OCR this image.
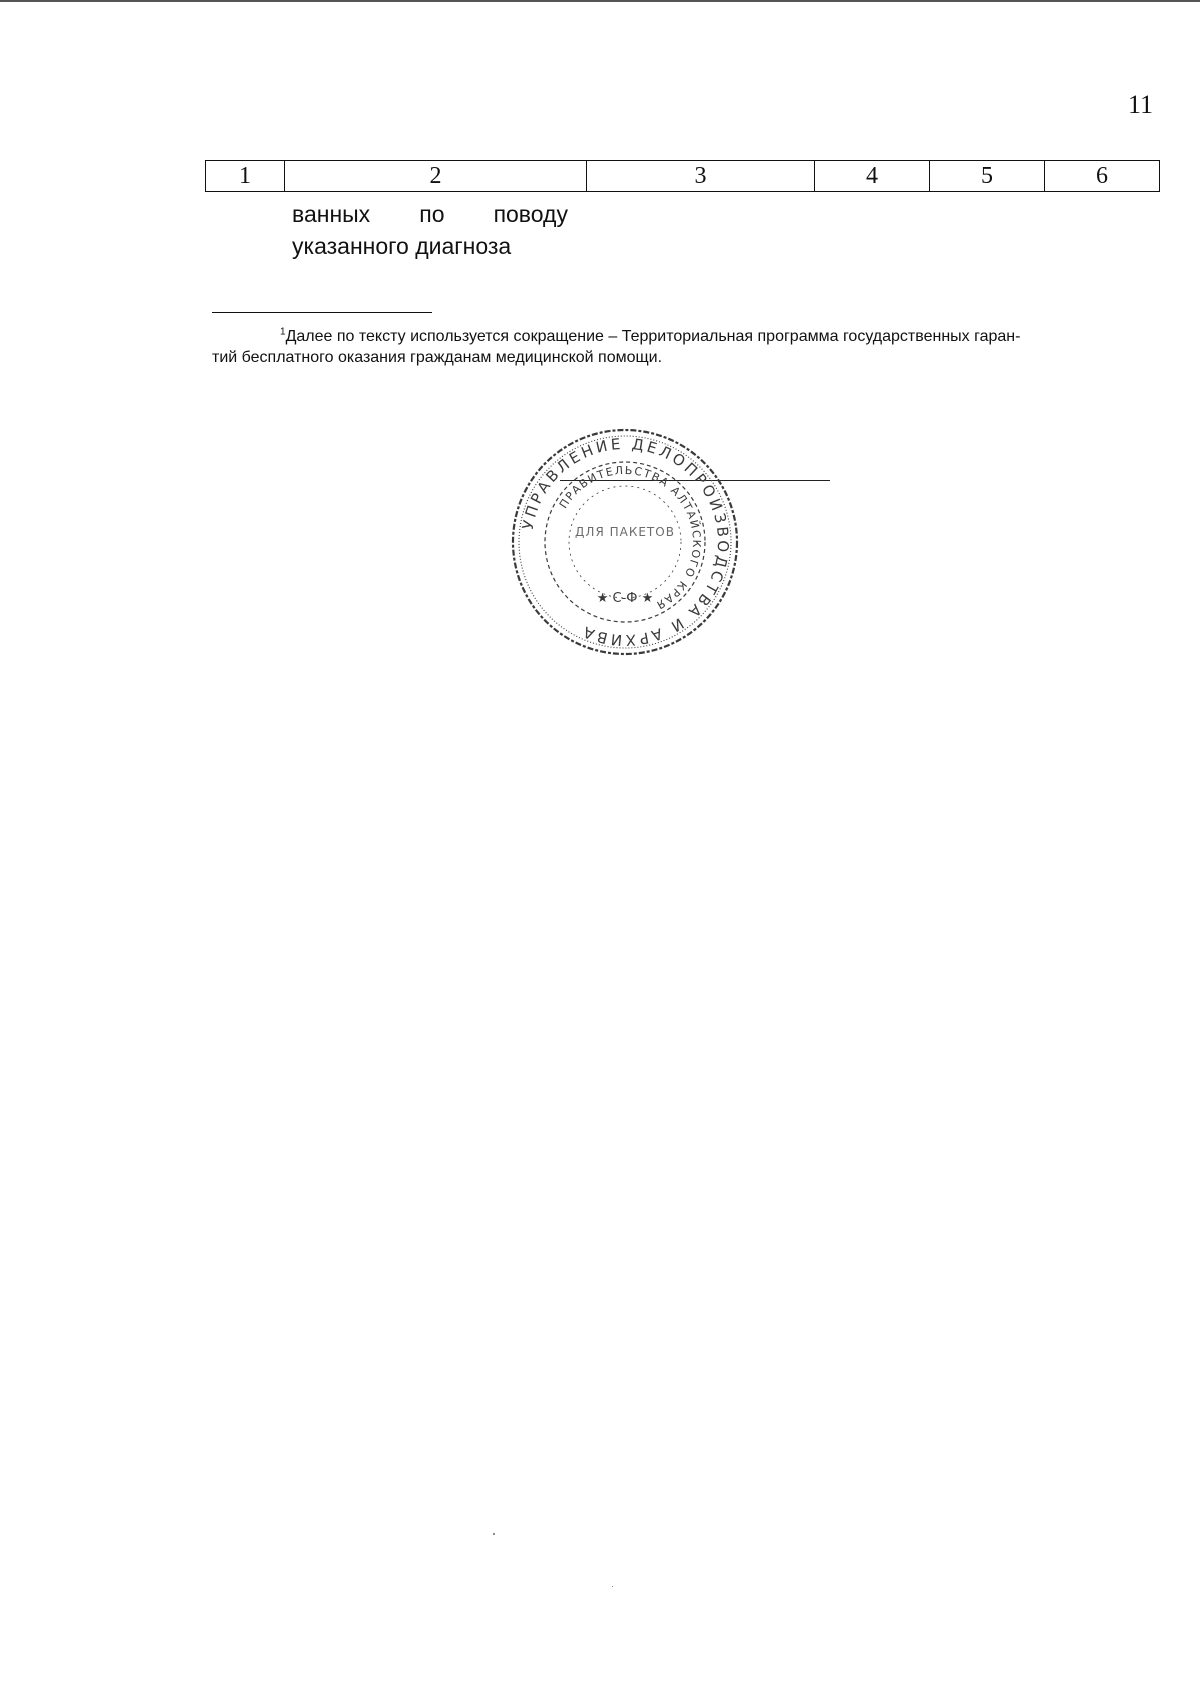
11
1	2	3	4	5	6
ванных по поводу
указанного диагноза
$^1$Далее по тексту используется сокращение – Территориальная программа государственных гаран-
тий бесплатного оказания гражданам медицинской помощи.
УПРАВЛЕНИЕ ДЕЛОПРОИЗВОДСТВА И АРХИВА
ПРАВИТЕЛЬСТВА АЛТАЙСКОГО КРАЯ
ДЛЯ ПАКЕТОВ
★ С-Ф ★
